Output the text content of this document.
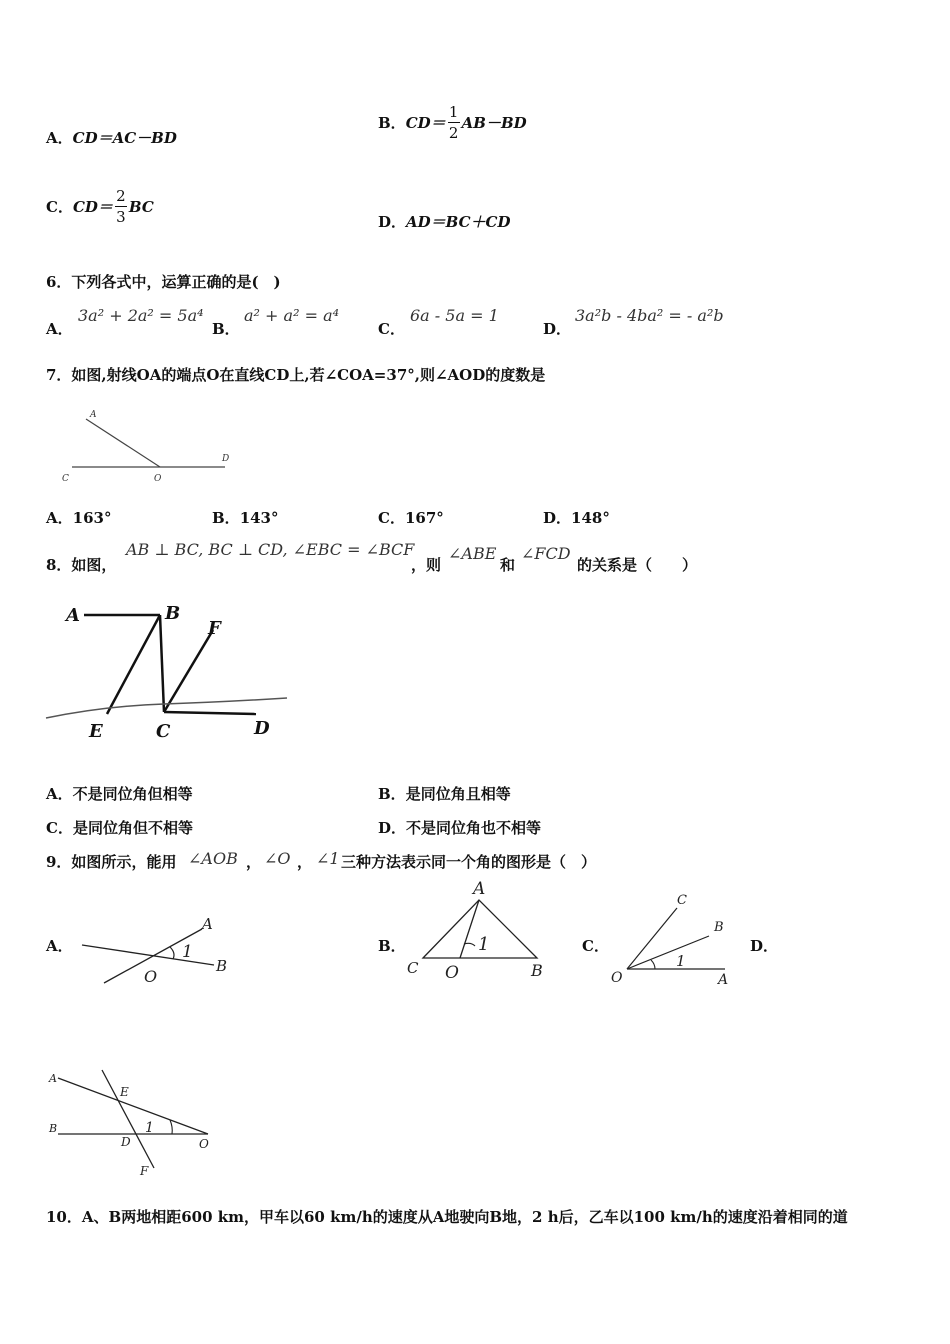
A．CD＝AC－BD
B． $CD= \frac{1}{2} AB-BD$
C． $CD= \frac{2}{3}$ BC
D．AD＝BC＋CD
6．下列各式中，运算正确的是(　)
A．
3a² + 2a² = 5a⁴
B．
a² + a² = a⁴
C．
6a - 5a = 1
D．
3a²b - 4ba² = - a²b
7．如图,射线OA的端点O在直线CD上,若∠COA=37°,则∠AOD的度数是
A
C	O
D
A．163°	B．143°	C．167°	D．148°
8．如图，
AB ⊥ BC, BC ⊥ CD, ∠EBC = ∠BCF
，则
∠ABE
和
∠FCD
的关系是（　　）
A	B
F
E	C	D
A．不是同位角但相等	B．是同位角且相等
C．是同位角但不相等	D．不是同位角也不相等
9．如图所示，能用 ∠AOB ， ∠O ， ∠1 三种方法表示同一个角的图形是（　）
A．
A
1
O
B
B．
A
1
C O	B
C．
C
B
1
O	A
D．
A
E
B
D
1
O
F
10．A、B两地相距600 km，甲车以60 km/h的速度从A地驶向B地，2 h后，乙车以100 km/h的速度沿着相同的道
